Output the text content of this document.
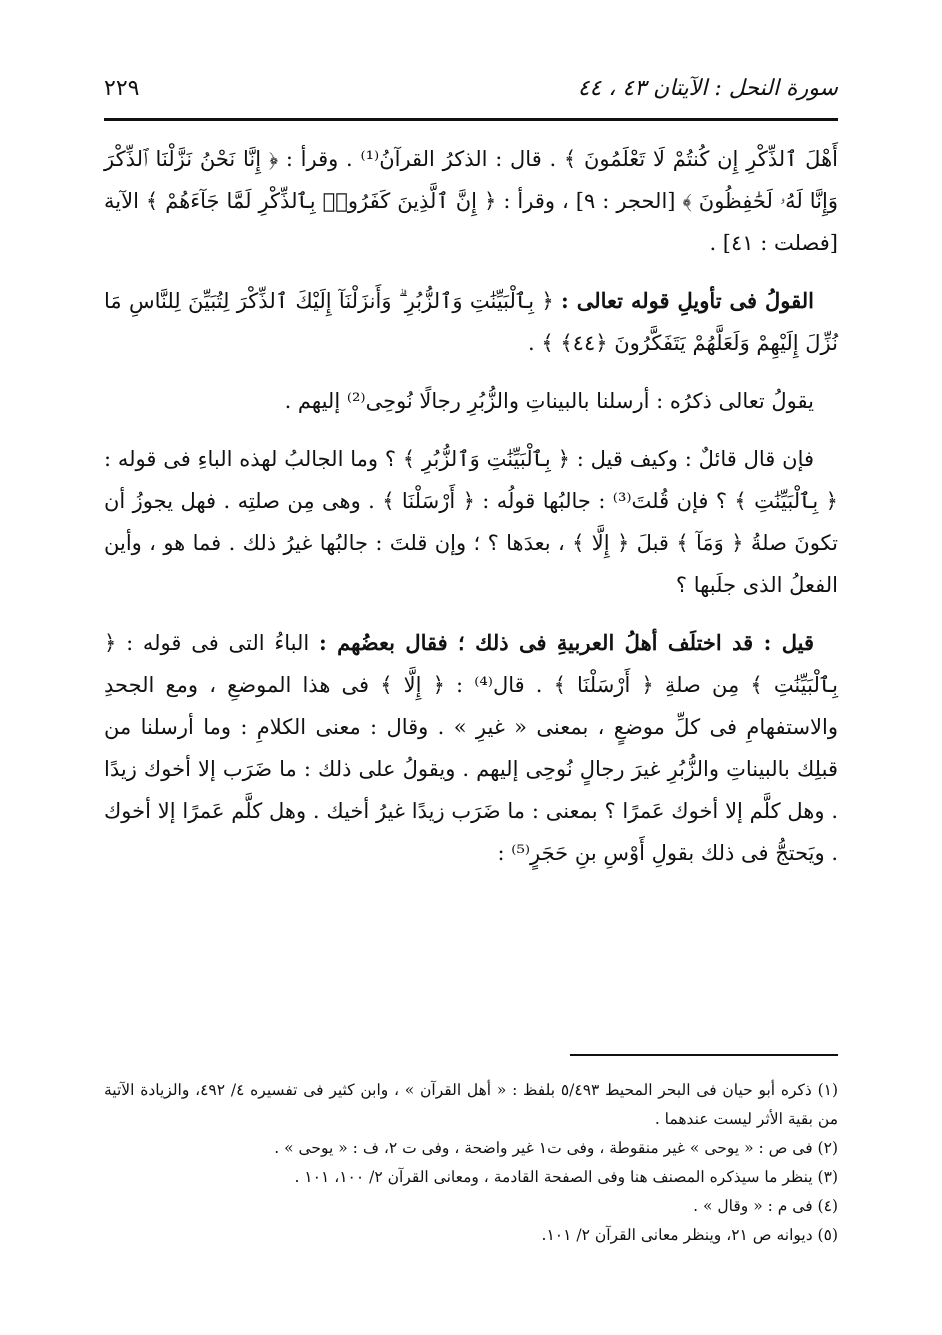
سورة النحل : الآيتان ٤٣ ، ٤٤
٢٢٩

أَهْلَ ٱلذِّكْرِ إِن كُنتُمْ لَا تَعْلَمُونَ ﴾ . قال : الذكرُ القرآنُ⁽¹⁾ . وقرأ : ﴿ إِنَّا نَحْنُ نَزَّلْنَا ٱلذِّكْرَ وَإِنَّا لَهُۥ لَحَٰفِظُونَ ﴾ [الحجر : ٩] ، وقرأ : ﴿ إِنَّ ٱلَّذِينَ كَفَرُوا۟ بِٱلذِّكْرِ لَمَّا جَآءَهُمْ ﴾ الآية [فصلت : ٤١] .

القولُ فى تأويلِ قوله تعالى : ﴿ بِٱلْبَيِّنَٰتِ وَٱلزُّبُرِ ۗ وَأَنزَلْنَآ إِلَيْكَ ٱلذِّكْرَ لِتُبَيِّنَ لِلنَّاسِ مَا نُزِّلَ إِلَيْهِمْ وَلَعَلَّهُمْ يَتَفَكَّرُونَ ﴿٤٤﴾ ﴾ .

يقولُ تعالى ذكرُه : أرسلنا بالبيناتِ والزُّبُرِ رجالًا نُوحِى⁽²⁾ إليهم .

فإن قال قائلٌ : وكيف قيل : ﴿ بِٱلْبَيِّنَٰتِ وَٱلزُّبُرِ ﴾ ؟ وما الجالبُ لهذه الباءِ فى قوله : ﴿ بِٱلْبَيِّنَٰتِ ﴾ ؟ فإن قُلتَ⁽³⁾ : جالبُها قولُه : ﴿ أَرْسَلْنَا ﴾ . وهى مِن صلتِه . فهل يجوزُ أن تكونَ صلةُ ﴿ وَمَآ ﴾ قبلَ ﴿ إِلَّا ﴾ ، بعدَها ؟ ؛ وإن قلتَ : جالبُها غيرُ ذلك . فما هو ، وأين الفعلُ الذى جلَبها ؟

قيل : قد اختلَف أهلُ العربيةِ فى ذلك ؛ فقال بعضُهم : الباءُ التى فى قوله : ﴿ بِٱلْبَيِّنَٰتِ ﴾ مِن صلةِ ﴿ أَرْسَلْنَا ﴾ . قال⁽⁴⁾ : ﴿ إِلَّا ﴾ فى هذا الموضعِ ، ومع الجحدِ والاستفهامِ فى كلِّ موضعٍ ، بمعنى « غيرِ » . وقال : معنى الكلامِ : وما أرسلنا من قبلِك بالبيناتِ والزُّبُرِ غيرَ رجالٍ نُوحِى إليهم . ويقولُ على ذلك : ما ضَرَب إلا أخوك زيدًا . وهل كلَّم إلا أخوك عَمرًا ؟ بمعنى : ما ضَرَب زيدًا غيرُ أخيك . وهل كلَّم عَمرًا إلا أخوك . ويَحتجُّ فى ذلك بقولِ أَوْسِ بنِ حَجَرٍ⁽⁵⁾ :

(١) ذكره أبو حيان فى البحر المحيط ٥/٤٩٣ بلفظ : « أهل القرآن » ، وابن كثير فى تفسيره ٤/ ٤٩٢، والزيادة الآتية من بقية الأثر ليست عندهما .

(٢) فى ص : « يوحى » غير منقوطة ، وفى ت١ غير واضحة ، وفى ت ٢، ف : « يوحى » .

(٣) ينظر ما سيذكره المصنف هنا وفى الصفحة القادمة ، ومعانى القرآن ٢/ ١٠٠، ١٠١ .

(٤) فى م : « وقال » .

(٥) ديوانه ص ٢١، وينظر معانى القرآن ٢/ ١٠١.
